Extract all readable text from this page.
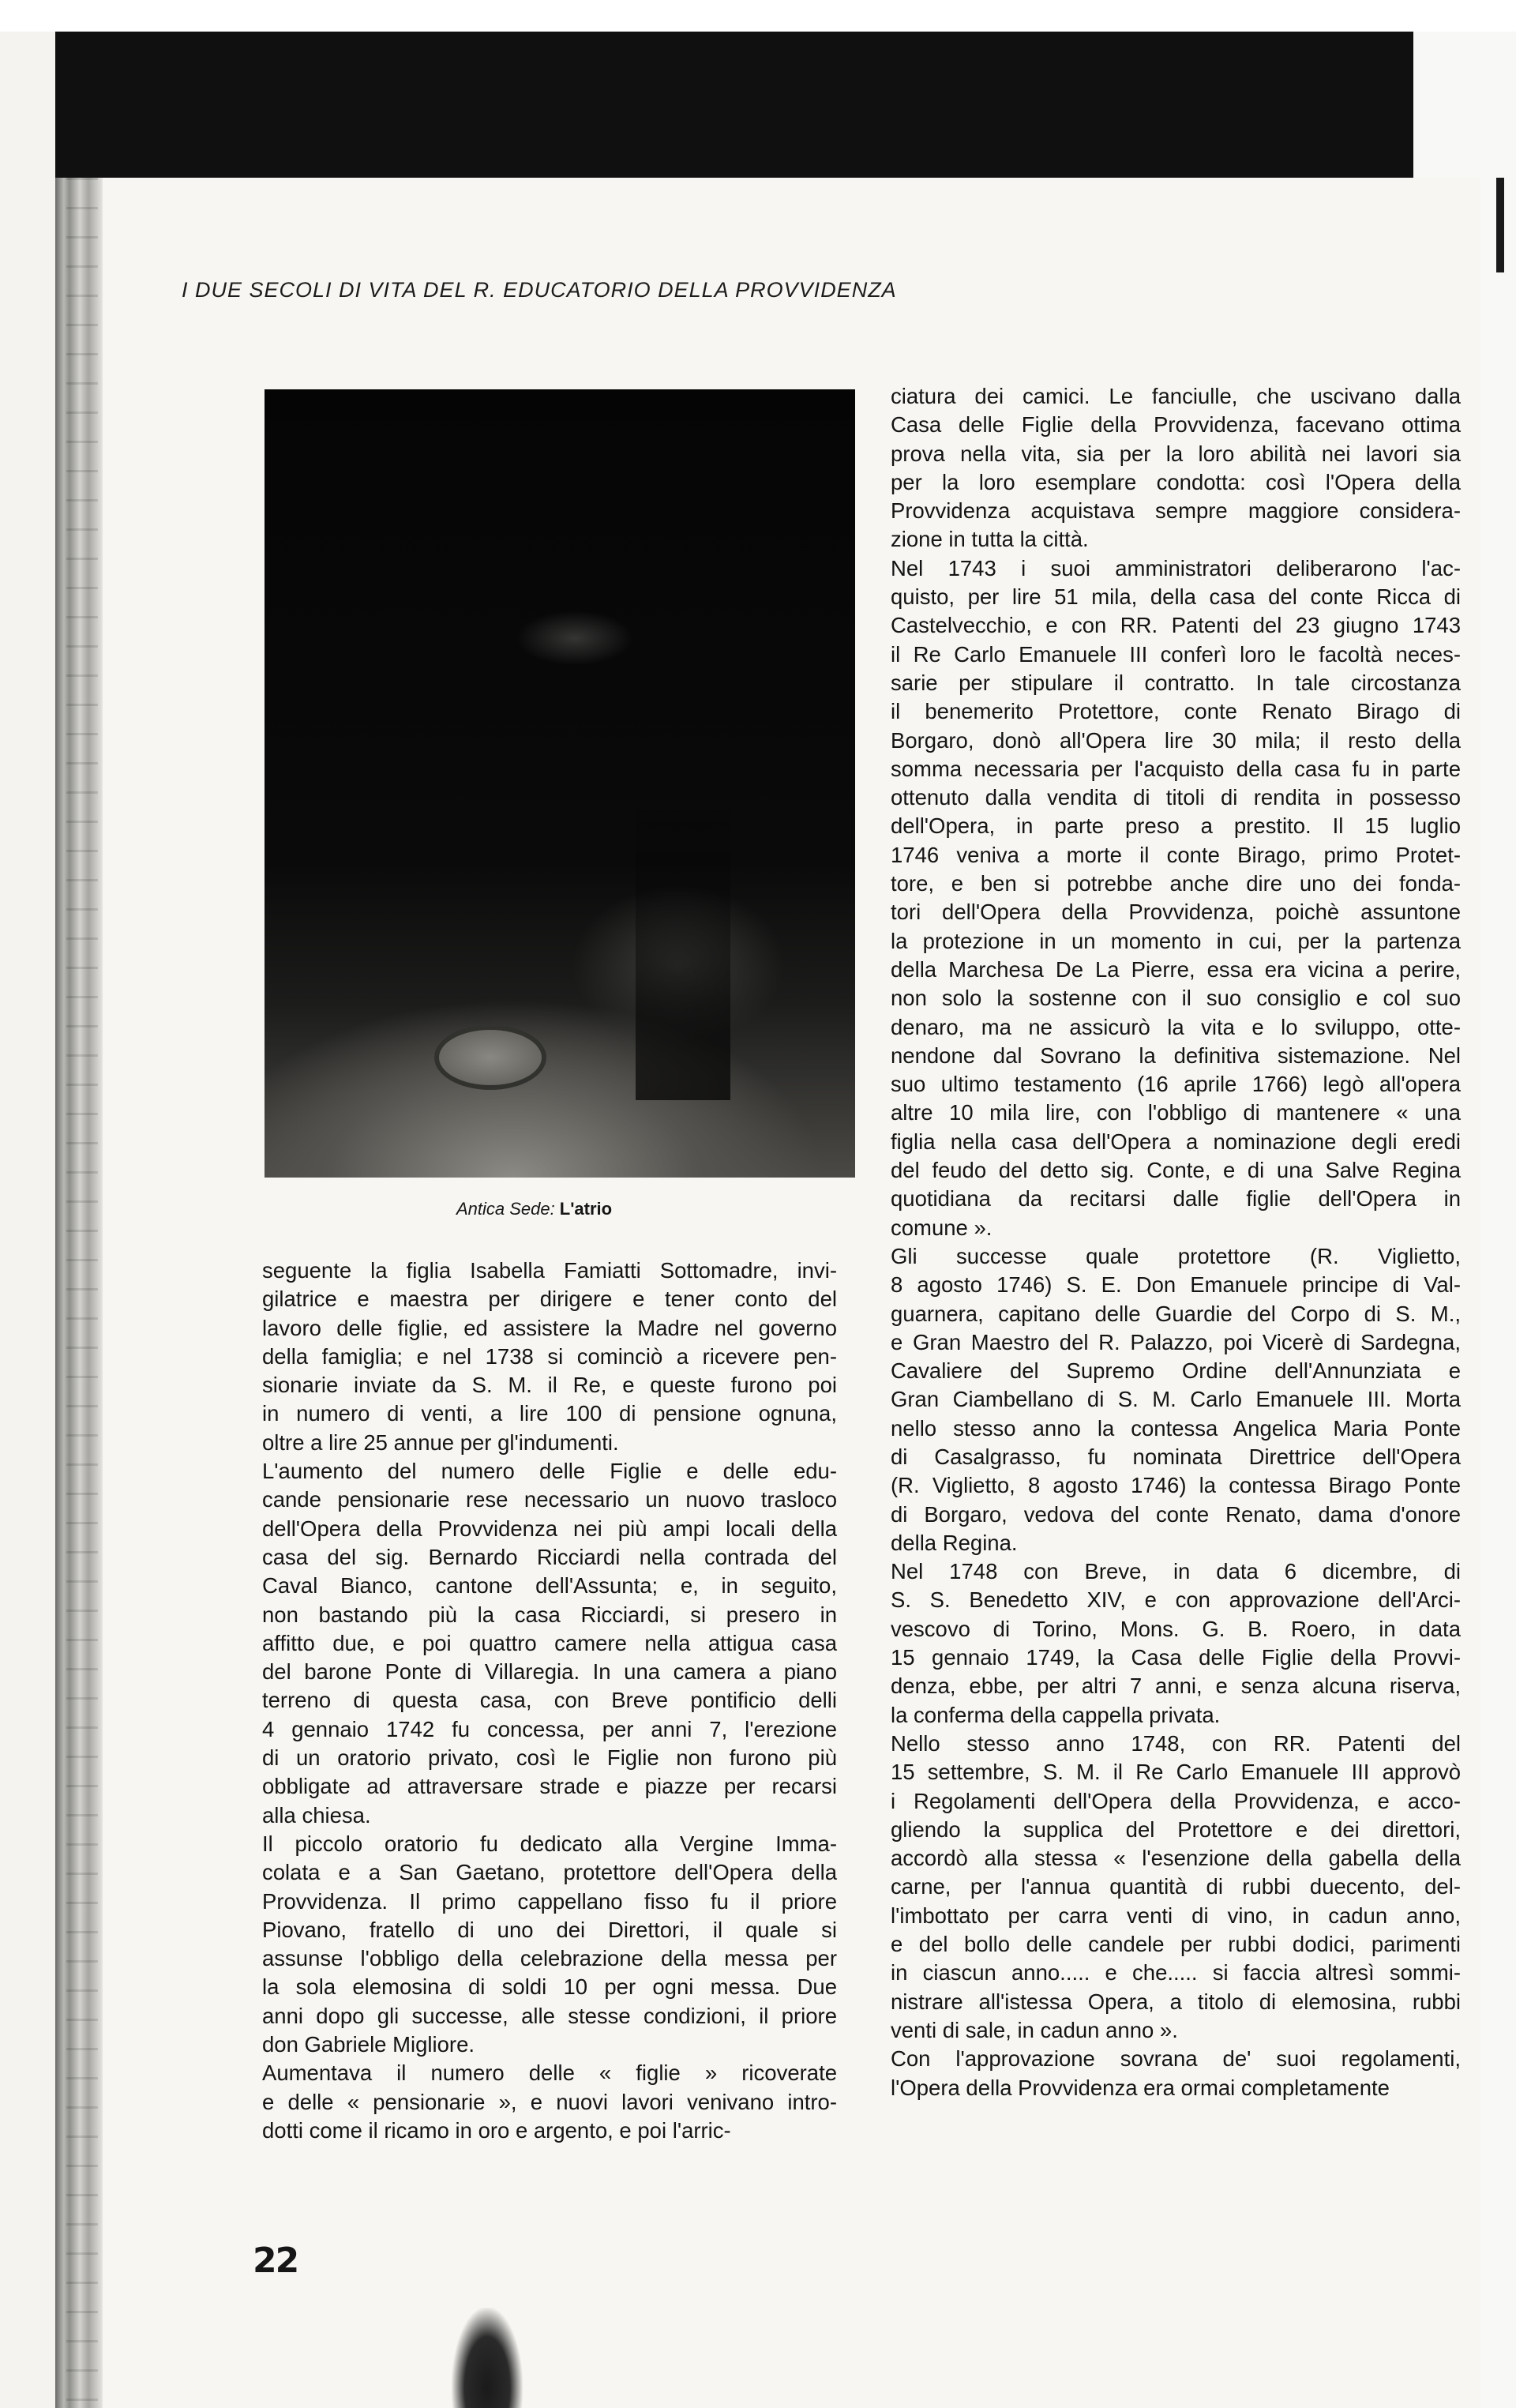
I DUE SECOLI DI VITA DEL R. EDUCATORIO DELLA PROVVIDENZA
Antica Sede: L'atrio
seguente la figlia Isabella Famiatti Sottomadre, invi-
gilatrice e maestra per dirigere e tener conto del
lavoro delle figlie, ed assistere la Madre nel governo
della famiglia; e nel 1738 si cominciò a ricevere pen-
sionarie inviate da S. M. il Re, e queste furono poi
in numero di venti, a lire 100 di pensione ognuna,
oltre a lire 25 annue per gl'indumenti.
L'aumento del numero delle Figlie e delle edu-
cande pensionarie rese necessario un nuovo trasloco
dell'Opera della Provvidenza nei più ampi locali della
casa del sig. Bernardo Ricciardi nella contrada del
Caval Bianco, cantone dell'Assunta; e, in seguito,
non bastando più la casa Ricciardi, si presero in
affitto due, e poi quattro camere nella attigua casa
del barone Ponte di Villaregia. In una camera a piano
terreno di questa casa, con Breve pontificio delli
4 gennaio 1742 fu concessa, per anni 7, l'erezione
di un oratorio privato, così le Figlie non furono più
obbligate ad attraversare strade e piazze per recarsi
alla chiesa.
Il piccolo oratorio fu dedicato alla Vergine Imma-
colata e a San Gaetano, protettore dell'Opera della
Provvidenza. Il primo cappellano fisso fu il priore
Piovano, fratello di uno dei Direttori, il quale si
assunse l'obbligo della celebrazione della messa per
la sola elemosina di soldi 10 per ogni messa. Due
anni dopo gli successe, alle stesse condizioni, il priore
don Gabriele Migliore.
Aumentava il numero delle « figlie » ricoverate
e delle « pensionarie », e nuovi lavori venivano intro-
dotti come il ricamo in oro e argento, e poi l'arric-
ciatura dei camici. Le fanciulle, che uscivano dalla
Casa delle Figlie della Provvidenza, facevano ottima
prova nella vita, sia per la loro abilità nei lavori sia
per la loro esemplare condotta: così l'Opera della
Provvidenza acquistava sempre maggiore considera-
zione in tutta la città.
Nel 1743 i suoi amministratori deliberarono l'ac-
quisto, per lire 51 mila, della casa del conte Ricca di
Castelvecchio, e con RR. Patenti del 23 giugno 1743
il Re Carlo Emanuele III conferì loro le facoltà neces-
sarie per stipulare il contratto. In tale circostanza
il benemerito Protettore, conte Renato Birago di
Borgaro, donò all'Opera lire 30 mila; il resto della
somma necessaria per l'acquisto della casa fu in parte
ottenuto dalla vendita di titoli di rendita in possesso
dell'Opera, in parte preso a prestito. Il 15 luglio
1746 veniva a morte il conte Birago, primo Protet-
tore, e ben si potrebbe anche dire uno dei fonda-
tori dell'Opera della Provvidenza, poichè assuntone
la protezione in un momento in cui, per la partenza
della Marchesa De La Pierre, essa era vicina a perire,
non solo la sostenne con il suo consiglio e col suo
denaro, ma ne assicurò la vita e lo sviluppo, otte-
nendone dal Sovrano la definitiva sistemazione. Nel
suo ultimo testamento (16 aprile 1766) legò all'opera
altre 10 mila lire, con l'obbligo di mantenere « una
figlia nella casa dell'Opera a nominazione degli eredi
del feudo del detto sig. Conte, e di una Salve Regina
quotidiana da recitarsi dalle figlie dell'Opera in
comune ».
Gli successe quale protettore (R. Viglietto,
8 agosto 1746) S. E. Don Emanuele principe di Val-
guarnera, capitano delle Guardie del Corpo di S. M.,
e Gran Maestro del R. Palazzo, poi Vicerè di Sardegna,
Cavaliere del Supremo Ordine dell'Annunziata e
Gran Ciambellano di S. M. Carlo Emanuele III. Morta
nello stesso anno la contessa Angelica Maria Ponte
di Casalgrasso, fu nominata Direttrice dell'Opera
(R. Viglietto, 8 agosto 1746) la contessa Birago Ponte
di Borgaro, vedova del conte Renato, dama d'onore
della Regina.
Nel 1748 con Breve, in data 6 dicembre, di
S. S. Benedetto XIV, e con approvazione dell'Arci-
vescovo di Torino, Mons. G. B. Roero, in data
15 gennaio 1749, la Casa delle Figlie della Provvi-
denza, ebbe, per altri 7 anni, e senza alcuna riserva,
la conferma della cappella privata.
Nello stesso anno 1748, con RR. Patenti del
15 settembre, S. M. il Re Carlo Emanuele III approvò
i Regolamenti dell'Opera della Provvidenza, e acco-
gliendo la supplica del Protettore e dei direttori,
accordò alla stessa « l'esenzione della gabella della
carne, per l'annua quantità di rubbi duecento, del-
l'imbottato per carra venti di vino, in cadun anno,
e del bollo delle candele per rubbi dodici, parimenti
in ciascun anno..... e che..... si faccia altresì sommi-
nistrare all'istessa Opera, a titolo di elemosina, rubbi
venti di sale, in cadun anno ».
Con l'approvazione sovrana de' suoi regolamenti,
l'Opera della Provvidenza era ormai completamente
22
